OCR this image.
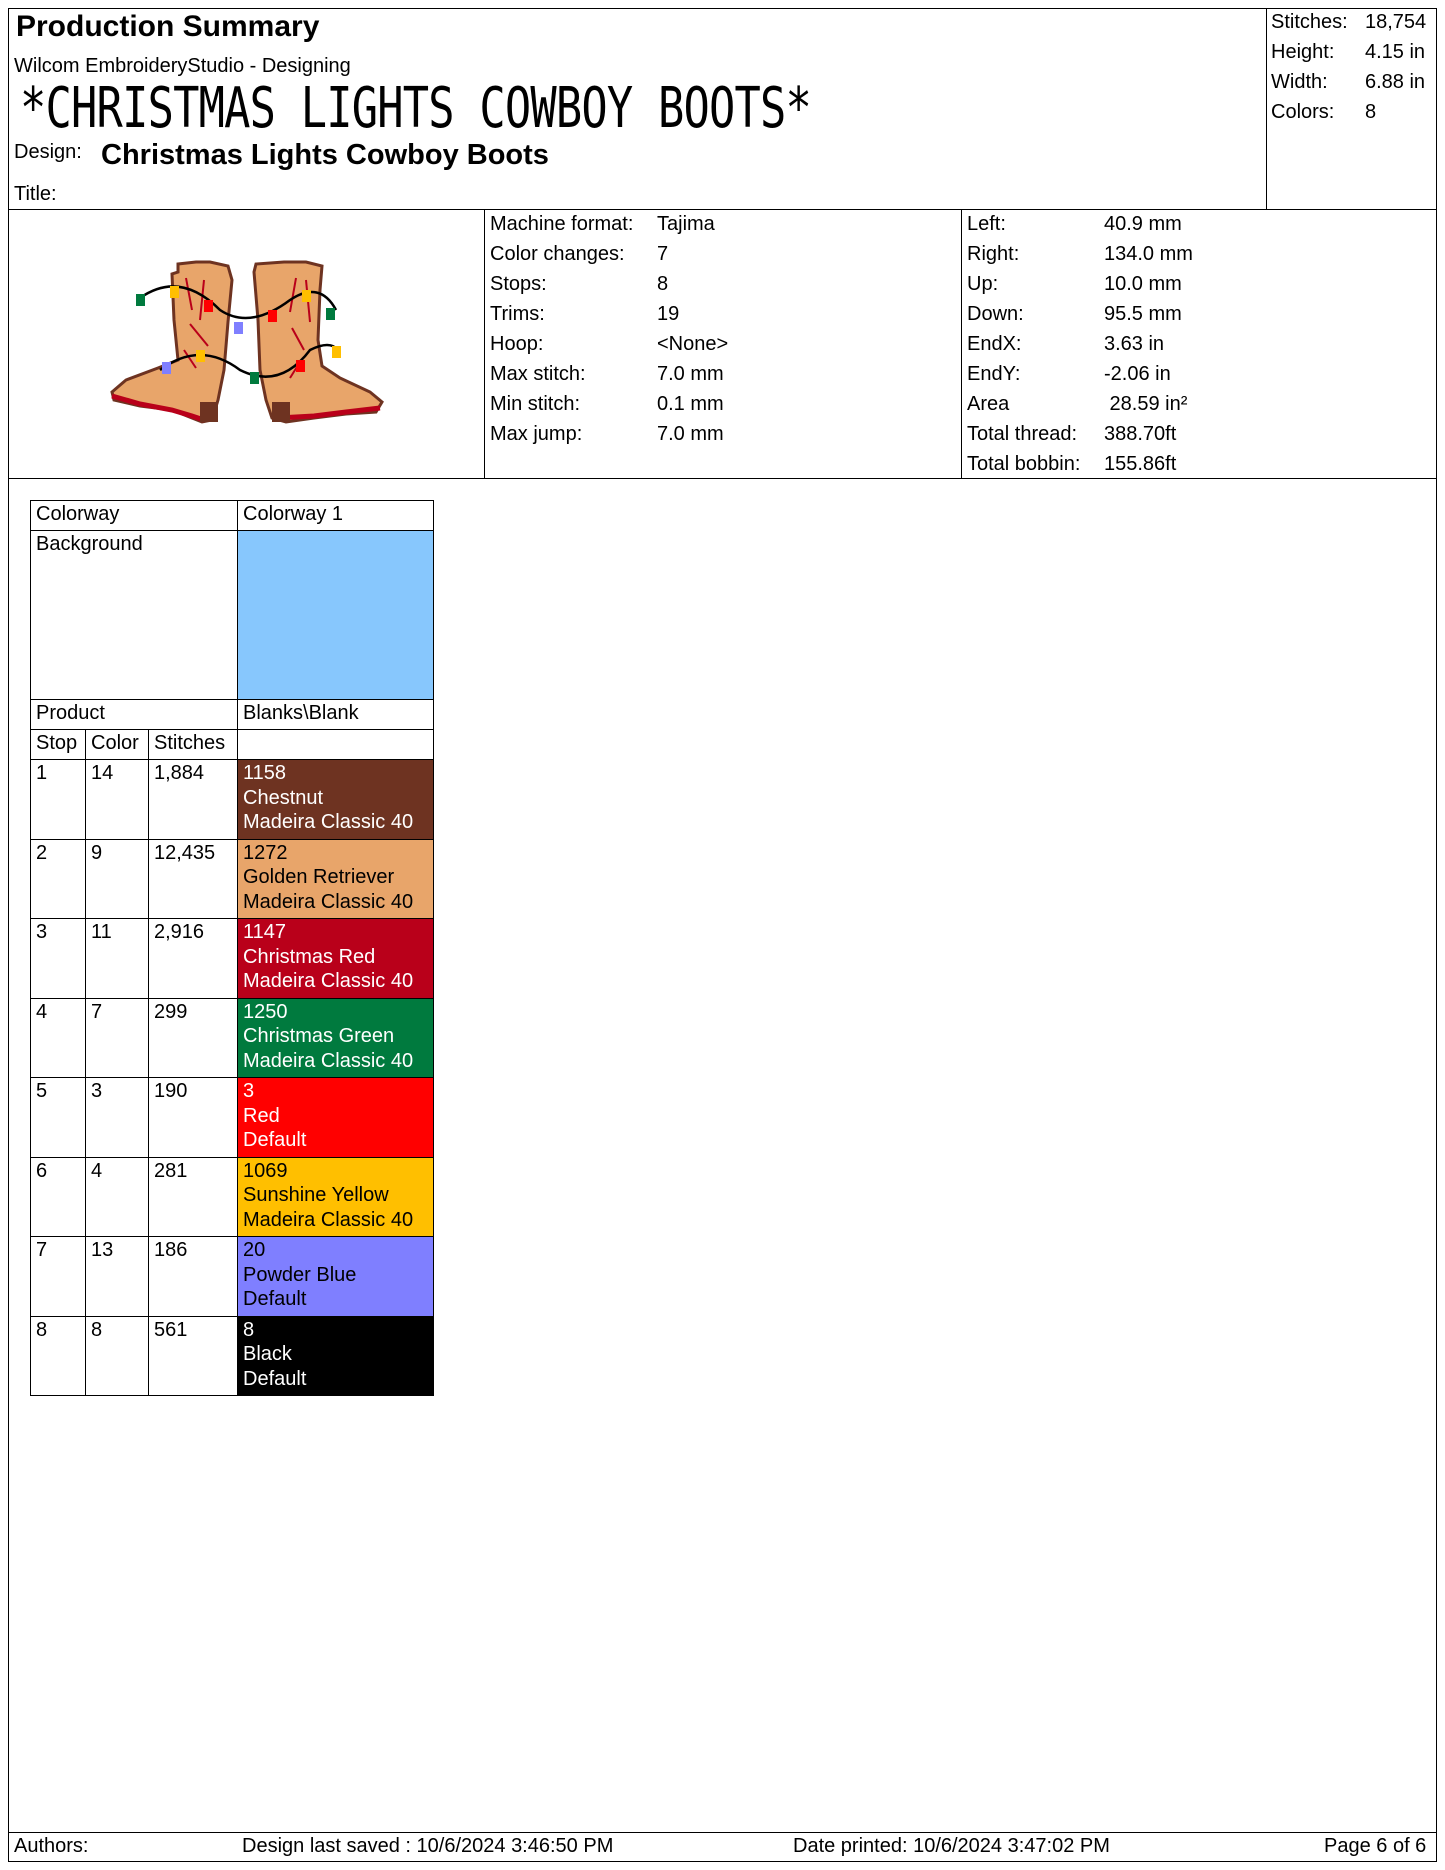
Production Summary
Wilcom EmbroideryStudio - Designing
*CHRISTMAS LIGHTS COWBOY BOOTS*
Design: Christmas Lights Cowboy Boots
Title:
Stitches: 18,754
Height: 4.15 in
Width: 6.88 in
Colors: 8
Machine format: Tajima
Color changes: 7
Stops:	8
Trims:	19
Hoop:	<None>
Max stitch:	7.0 mm
Min stitch:	0.1 mm
Max jump:	7.0 mm
Left:	40.9 mm
Right:	134.0 mm
Up:	10.0 mm
Down:	95.5 mm
EndX:	3.63 in
EndY:	-2.06 in
Area	28.59 in²
Total thread: 388.70ft
Total bobbin: 155.86ft
Colorway			Colorway 1
Background			
Product			Blanks\Blank
Stop	Color	Stitches	
1	14	1,884	1158
Chestnut
Madeira Classic 40

2	9	12,435	1272
Golden Retriever
Madeira Classic 40

3	11	2,916	1147
Christmas Red
Madeira Classic 40

4	7	299	1250
Christmas Green
Madeira Classic 40

5	3	190	3
Red
Default

6	4	281	1069
Sunshine Yellow
Madeira Classic 40

7	13	186	20
Powder Blue
Default

8	8	561	8
Black
Default
Authors:	Design last saved : 10/6/2024 3:46:50 PM	Date printed: 10/6/2024 3:47:02 PM	Page 6 of 6
